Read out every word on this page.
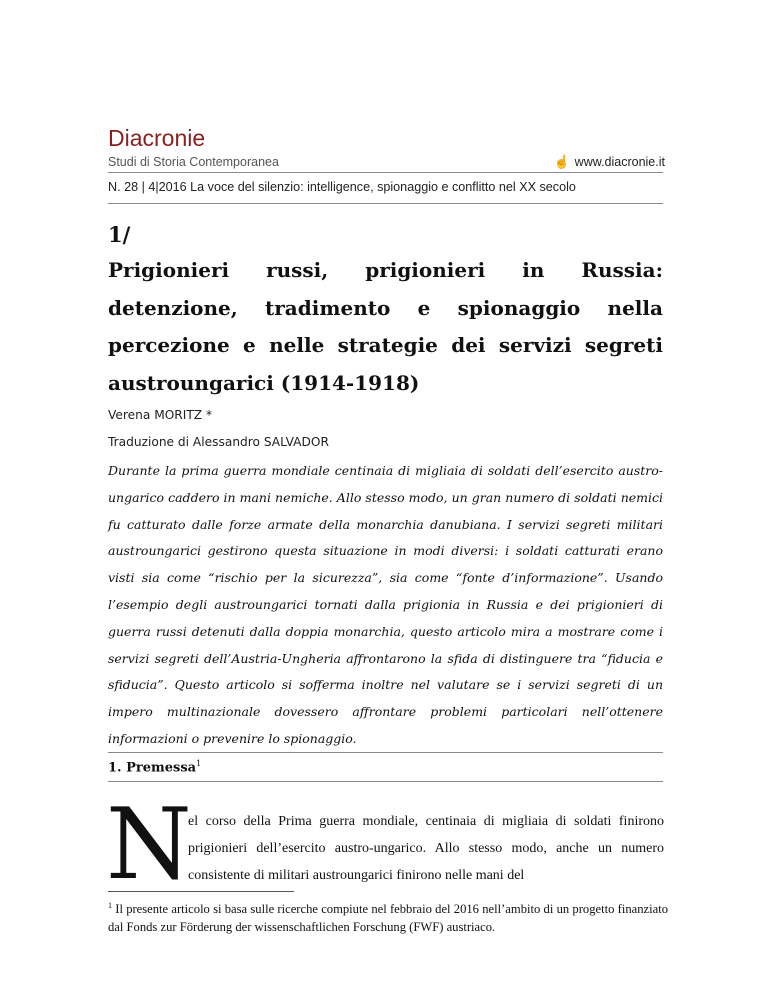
Diacronie
Studi di Storia Contemporanea	☝ www.diacronie.it
N. 28 | 4|2016 La voce del silenzio: intelligence, spionaggio e conflitto nel XX secolo
1/
Prigionieri russi, prigionieri in Russia:
detenzione, tradimento e spionaggio nella
percezione e nelle strategie dei servizi segreti
austroungarici (1914-1918)
Verena MORITZ *
Traduzione di Alessandro SALVADOR
Durante la prima guerra mondiale centinaia di migliaia di soldati dell’esercito austro-ungarico caddero in mani nemiche. Allo stesso modo, un gran numero di soldati nemici fu catturato dalle forze armate della monarchia danubiana. I servizi segreti militari austroungarici gestirono questa situazione in modi diversi: i soldati catturati erano visti sia come “rischio per la sicurezza”, sia come “fonte d’informazione”. Usando l’esempio degli austroungarici tornati dalla prigionia in Russia e dei prigionieri di guerra russi detenuti dalla doppia monarchia, questo articolo mira a mostrare come i servizi segreti dell’Austria-Ungheria affrontarono la sfida di distinguere tra “fiducia e sfiducia”. Questo articolo si sofferma inoltre nel valutare se i servizi segreti di un impero multinazionale dovessero affrontare problemi particolari nell’ottenere informazioni o prevenire lo spionaggio.
1. Premessa$^1$
N
el corso della Prima guerra mondiale, centinaia di migliaia di soldati finirono prigionieri dell’esercito austro-ungarico. Allo stesso modo, anche un numero consistente di militari austroungarici finirono nelle mani del
$^1$ Il presente articolo si basa sulle ricerche compiute nel febbraio del 2016 nell’ambito di un progetto finanziato dal Fonds zur Förderung der wissenschaftlichen Forschung (FWF) austriaco.
